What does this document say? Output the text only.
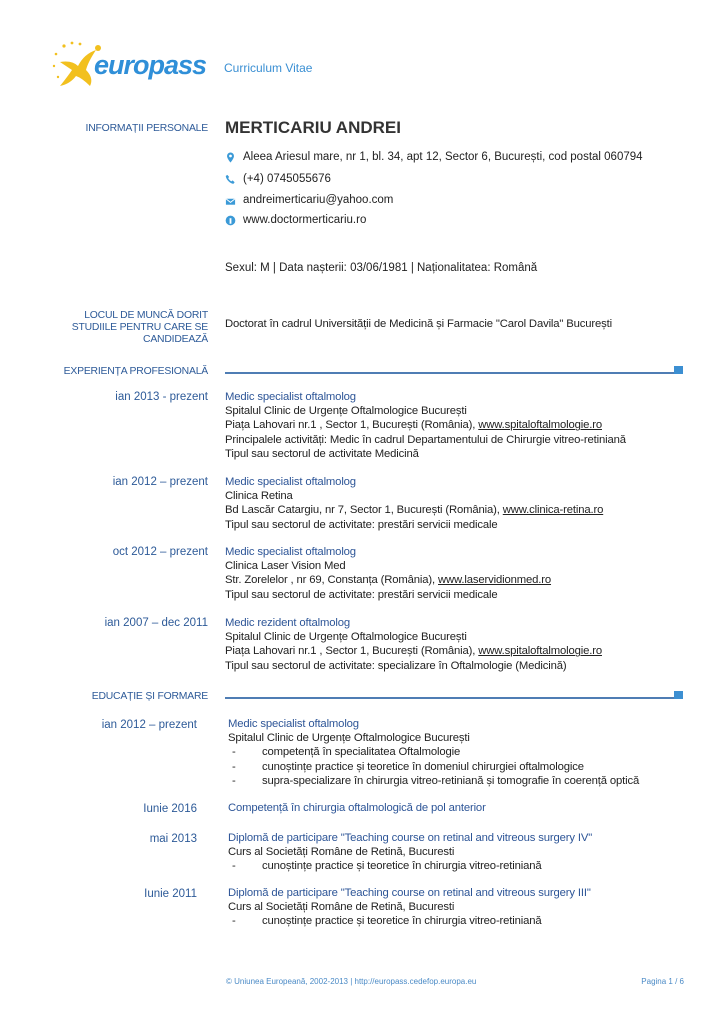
europass Curriculum Vitae
INFORMAȚII PERSONALE MERTICARIU ANDREI
Aleea Ariesul mare, nr 1, bl. 34, apt 12, Sector 6, București, cod postal 060794
(+4) 0745055676
andreimerticariu@yahoo.com
www.doctormerticariu.ro
Sexul: M | Data nașterii: 03/06/1981 | Naționalitatea: Română
LOCUL DE MUNCĂ DORIT
STUDIILE PENTRU CARE SE
CANDIDEAZĂ
Doctorat în cadrul Universității de Medicină și Farmacie "Carol Davila" București
EXPERIENȚA PROFESIONALĂ
ian 2013 - prezent Medic specialist oftalmolog
Spitalul Clinic de Urgențe Oftalmologice București
Piața Lahovari nr.1 , Sector 1, București (România), www.spitaloftalmologie.ro
Principalele activități: Medic în cadrul Departamentului de Chirurgie vitreo-retiniană
Tipul sau sectorul de activitate Medicină
ian 2012 – prezent Medic specialist oftalmolog
Clinica Retina
Bd Lascăr Catargiu, nr 7, Sector 1, București (România), www.clinica-retina.ro
Tipul sau sectorul de activitate: prestări servicii medicale
oct 2012 – prezent Medic specialist oftalmolog
Clinica Laser Vision Med
Str. Zorelelor , nr 69, Constanța (România), www.laservidionmed.ro
Tipul sau sectorul de activitate: prestări servicii medicale
ian 2007 – dec 2011 Medic rezident oftalmolog
Spitalul Clinic de Urgențe Oftalmologice București
Piața Lahovari nr.1 , Sector 1, București (România), www.spitaloftalmologie.ro
Tipul sau sectorul de activitate: specializare în Oftalmologie (Medicină)
EDUCAȚIE ȘI FORMARE
ian 2012 – prezent	Medic specialist oftalmolog
Spitalul Clinic de Urgențe Oftalmologice București
- competență în specialitatea Oftalmologie
- cunoștințe practice și teoretice în domeniul chirurgiei oftalmologice
- supra-specializare în chirurgia vitreo-retiniană și tomografie în coerență optică
Iunie 2016	Competență în chirurgia oftalmologică de pol anterior
mai 2013	Diplomă de participare "Teaching course on retinal and vitreous surgery IV"
Curs al Societăți Române de Retină, Bucuresti
- cunoștințe practice și teoretice în chirurgia vitreo-retiniană
Iunie 2011	Diplomă de participare "Teaching course on retinal and vitreous surgery III"
Curs al Societăți Române de Retină, Bucuresti
- cunoștințe practice și teoretice în chirurgia vitreo-retiniană
© Uniunea Europeană, 2002-2013 | http://europass.cedefop.europa.eu	Pagina 1 / 6
